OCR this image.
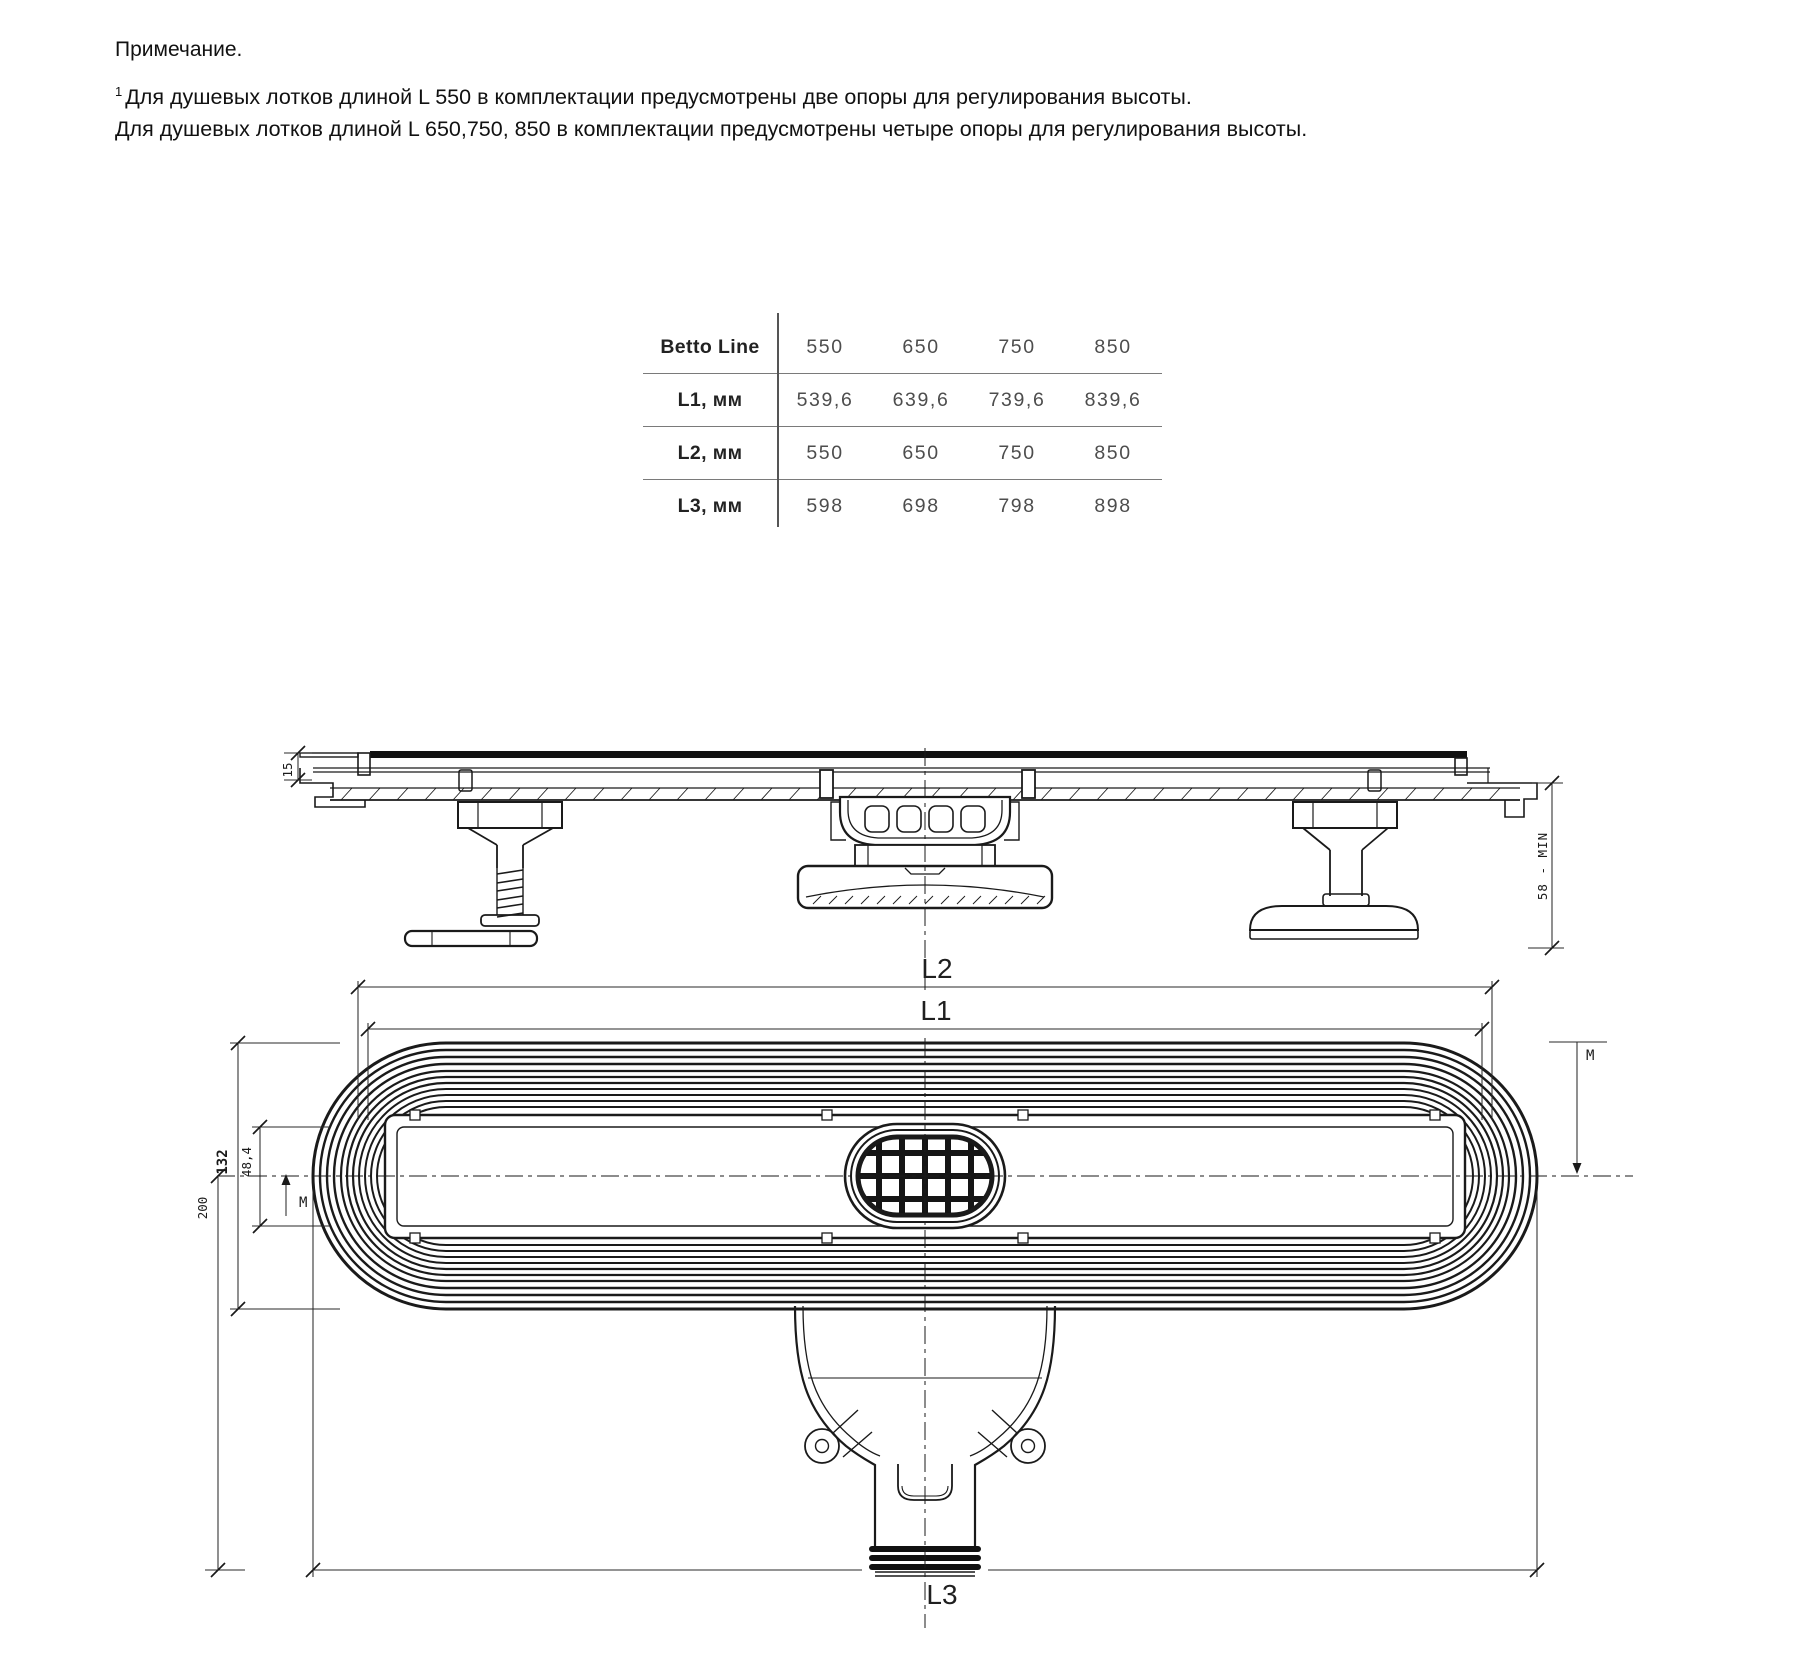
Примечание.

$^1$ Для душевых лотков длиной L 550 в комплектации предусмотрены две опоры для регулирования высоты.

Для душевых лотков длиной L 650,750, 850 в комплектации предусмотрены четыре опоры для регулирования высоты.

Betto Line	550	650	750	850
L1, мм	539,6	639,6	739,6	839,6
L2, мм	550	650	750	850
L3, мм	598	698	798	898
15
58 - MIN
L2
L1
L3
132 48,4
200	M
M
